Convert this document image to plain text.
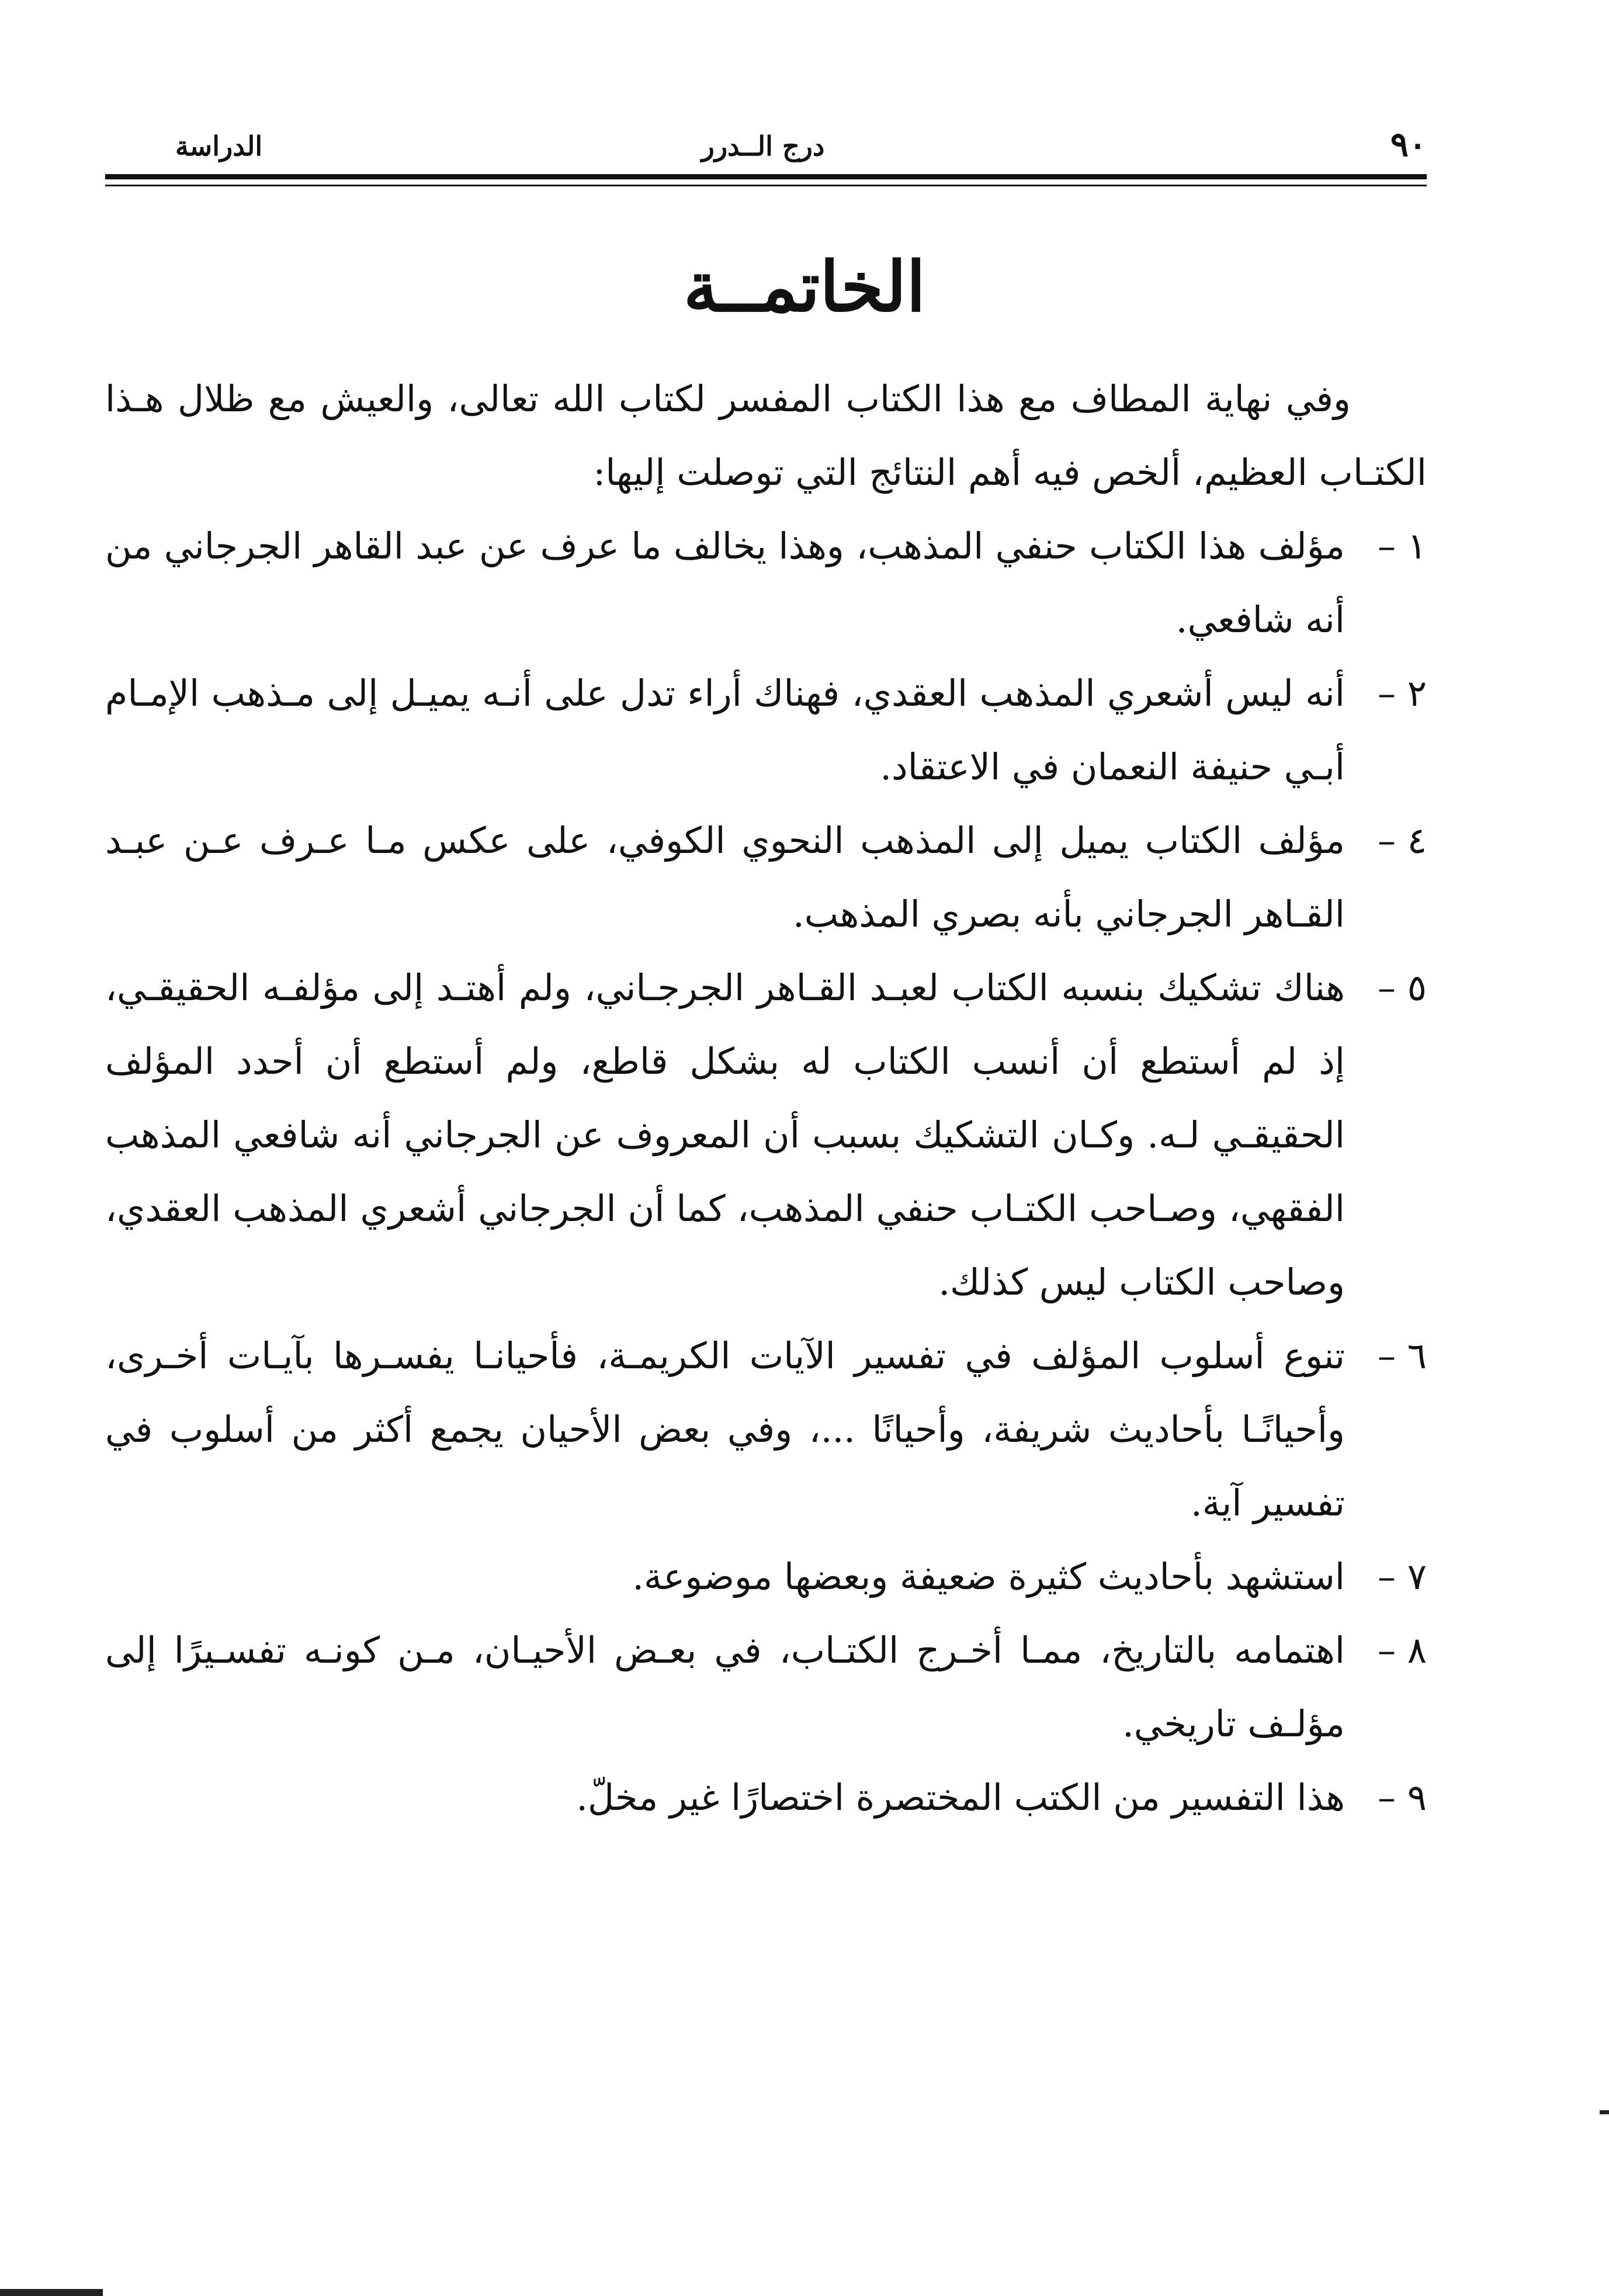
الدراسة	درج الــدرر	٩٠
الخاتمــة

وفي نهاية المطاف مع هذا الكتاب المفسر لكتاب الله تعالى، والعيش مع ظلال هـذا الكتـاب العظيم، ألخص فيه أهم النتائج التي توصلت إليها:

١ –
مؤلف هذا الكتاب حنفي المذهب، وهذا يخالف ما عرف عن عبد القاهر الجرجاني من أنه شافعي.
٢ –
أنه ليس أشعري المذهب العقدي، فهناك أراء تدل على أنـه يميـل إلى مـذهب الإمـام أبـي حنيفة النعمان في الاعتقاد.
٤ –
مؤلف الكتاب يميل إلى المذهب النحوي الكوفي، على عكس مـا عـرف عـن عبـد القـاهر الجرجاني بأنه بصري المذهب.
٥ –
هناك تشكيك بنسبه الكتاب لعبـد القـاهر الجرجـاني، ولم أهتـد إلى مؤلفـه الحقيقـي، إذ لم أستطع أن أنسب الكتاب له بشكل قاطع، ولم أستطع أن أحدد المؤلف الحقيقـي لـه. وكـان التشكيك بسبب أن المعروف عن الجرجاني أنه شافعي المذهب الفقهي، وصـاحب الكتـاب حنفي المذهب، كما أن الجرجاني أشعري المذهب العقدي، وصاحب الكتاب ليس كذلك.
٦ –
تنوع أسلوب المؤلف في تفسير الآيات الكريمـة، فأحيانـا يفسـرها بآيـات أخـرى، وأحيانًـا بأحاديث شريفة، وأحيانًا ...، وفي بعض الأحيان يجمع أكثر من أسلوب في تفسير آية.
٧ –
استشهد بأحاديث كثيرة ضعيفة وبعضها موضوعة.
٨ –
اهتمامه بالتاريخ، ممـا أخـرج الكتـاب، في بعـض الأحيـان، مـن كونـه تفسـيرًا إلى مؤلـف تاريخي.
٩ –
هذا التفسير من الكتب المختصرة اختصارًا غير مخلّ.
